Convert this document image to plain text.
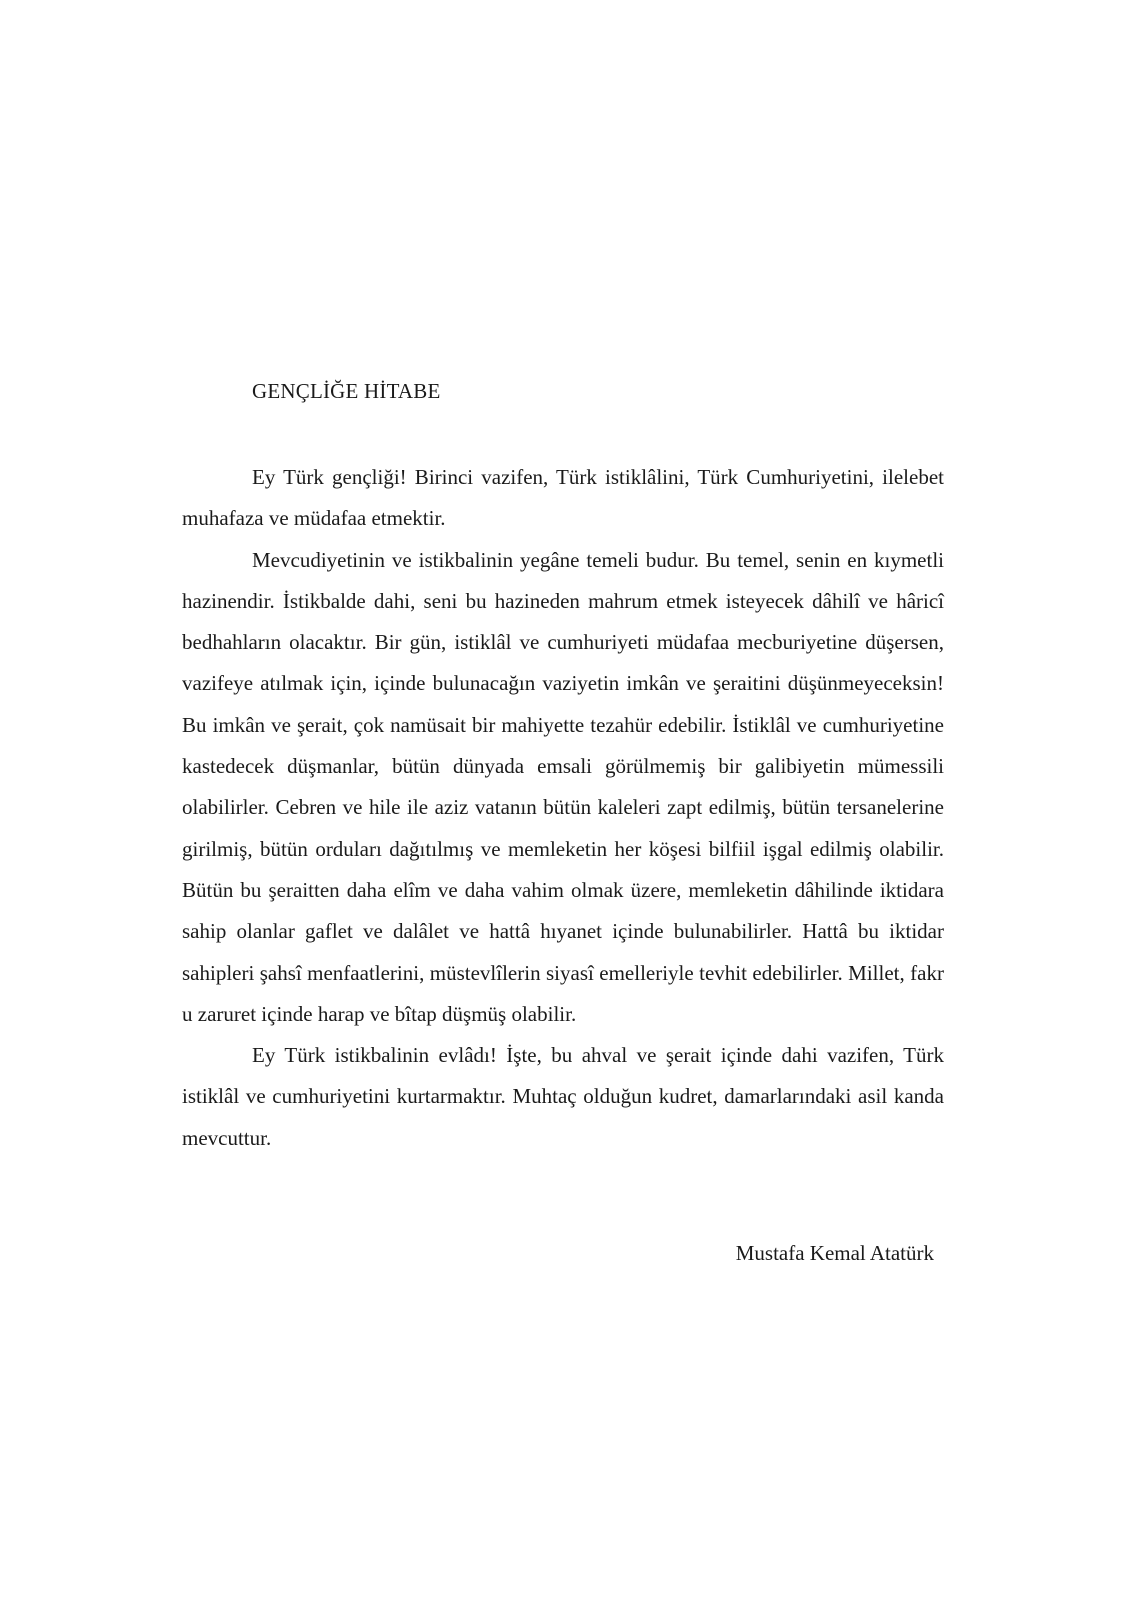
GENÇLİĞE HİTABE

Ey Türk gençliği! Birinci vazifen, Türk istiklâlini, Türk Cumhuriyetini, ilelebet muhafaza ve müdafaa etmektir.

Mevcudiyetinin ve istikbalinin yegâne temeli budur. Bu temel, senin en kıymetli hazinendir. İstikbalde dahi, seni bu hazineden mahrum etmek isteyecek dâhilî ve hâricî bedhahların olacaktır. Bir gün, istiklâl ve cumhuriyeti müdafaa mecburiyetine düşersen, vazifeye atılmak için, içinde bulunacağın vaziyetin imkân ve şeraitini düşünmeyeceksin! Bu imkân ve şerait, çok namüsait bir mahiyette tezahür edebilir. İstiklâl ve cumhuriyetine kastedecek düşmanlar, bütün dünyada emsali görülmemiş bir galibiyetin mümessili olabilirler. Cebren ve hile ile aziz vatanın bütün kaleleri zapt edilmiş, bütün tersanelerine girilmiş, bütün orduları dağıtılmış ve memleketin her köşesi bilfiil işgal edilmiş olabilir. Bütün bu şeraitten daha elîm ve daha vahim olmak üzere, memleketin dâhilinde iktidara sahip olanlar gaflet ve dalâlet ve hattâ hıyanet içinde bulunabilirler. Hattâ bu iktidar sahipleri şahsî menfaatlerini, müstevlîlerin siyasî emelleriyle tevhit edebilirler. Millet, fakr u zaruret içinde harap ve bîtap düşmüş olabilir.

Ey Türk istikbalinin evlâdı! İşte, bu ahval ve şerait içinde dahi vazifen, Türk istiklâl ve cumhuriyetini kurtarmaktır. Muhtaç olduğun kudret, damarlarındaki asil kanda mevcuttur.

Mustafa Kemal Atatürk
